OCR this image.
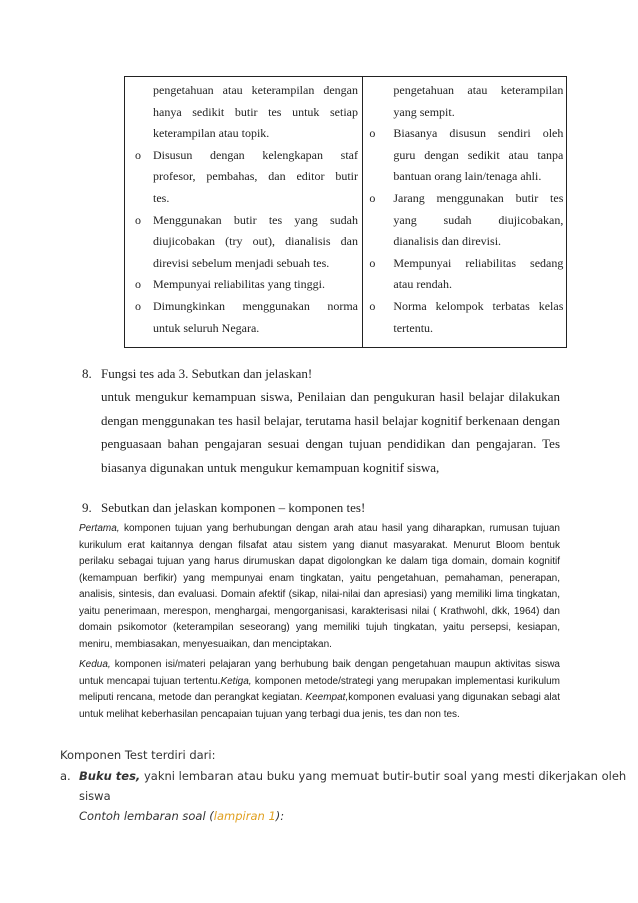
pengetahuan atau keterampilan dengan
hanya sedikit butir tes untuk setiap
keterampilan atau topik.
o Disusun dengan kelengkapan staf
profesor, pembahas, dan editor butir
tes.
o Menggunakan butir tes yang sudah
diujicobakan (try out), dianalisis dan
direvisi sebelum menjadi sebuah tes.
o Mempunyai reliabilitas yang tinggi.
o Dimungkinkan menggunakan norma
untuk seluruh Negara.

pengetahuan atau keterampilan
yang sempit.
o Biasanya disusun sendiri oleh
guru dengan sedikit atau tanpa
bantuan orang lain/tenaga ahli.
o Jarang menggunakan butir tes
yang sudah diujicobakan,
dianalisis dan direvisi.
o Mempunyai reliabilitas sedang
atau rendah.
o Norma kelompok terbatas kelas
tertentu.
8. Fungsi tes ada 3. Sebutkan dan jelaskan!
untuk mengukur kemampuan siswa, Penilaian dan pengukuran hasil belajar dilakukan
dengan menggunakan tes hasil belajar, terutama hasil belajar kognitif berkenaan dengan
penguasaan bahan pengajaran sesuai dengan tujuan pendidikan dan pengajaran. Tes
biasanya digunakan untuk mengukur kemampuan kognitif siswa,
9. Sebutkan dan jelaskan komponen – komponen tes!

Pertama, komponen tujuan yang berhubungan dengan arah atau hasil yang diharapkan, rumusan tujuan kurikulum erat kaitannya dengan filsafat atau sistem yang dianut masyarakat. Menurut Bloom bentuk perilaku sebagai tujuan yang harus dirumuskan dapat digolongkan ke dalam tiga domain, domain kognitif (kemampuan berfikir) yang mempunyai enam tingkatan, yaitu pengetahuan, pemahaman, penerapan, analisis, sintesis, dan evaluasi. Domain afektif (sikap, nilai-nilai dan apresiasi) yang memiliki lima tingkatan, yaitu penerimaan, merespon, menghargai, mengorganisasi, karakterisasi nilai ( Krathwohl, dkk, 1964) dan domain psikomotor (keterampilan seseorang) yang memiliki tujuh tingkatan, yaitu persepsi, kesiapan, meniru, membiasakan, menyesuaikan, dan menciptakan.

Kedua, komponen isi/materi pelajaran yang berhubung baik dengan pengetahuan maupun aktivitas siswa untuk mencapai tujuan tertentu.Ketiga, komponen metode/strategi yang merupakan implementasi kurikulum meliputi rencana, metode dan perangkat kegiatan. Keempat,komponen evaluasi yang digunakan sebagi alat untuk melihat keberhasilan pencapaian tujuan yang terbagi dua jenis, tes dan non tes.

Komponen Test terdiri dari:
a. Buku tes, yakni lembaran atau buku yang memuat butir-butir soal yang mesti dikerjakan oleh
siswa
Contoh lembaran soal (lampiran 1):
